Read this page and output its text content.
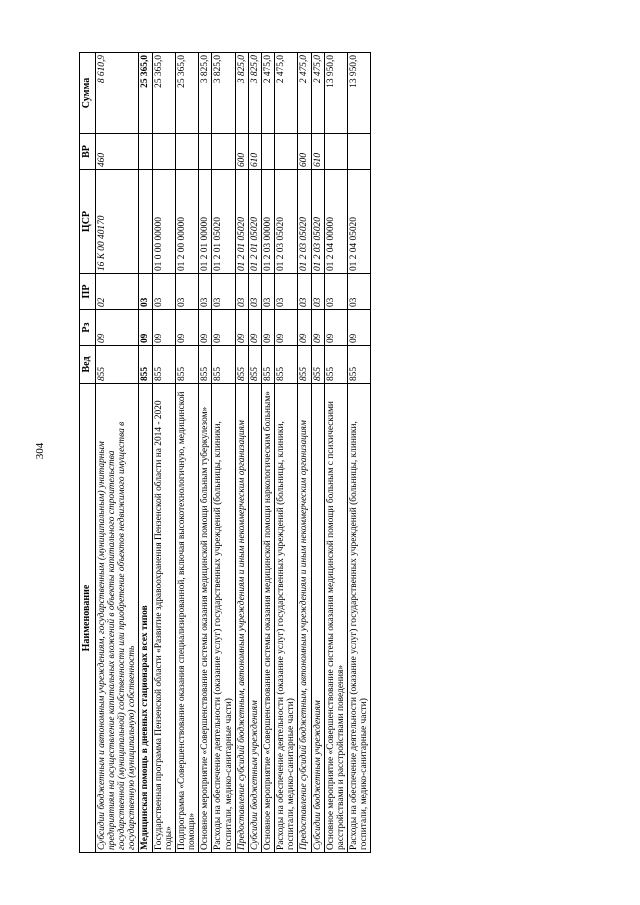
304
Наименование	Вед	Рз	ПР	ЦСР	ВР	Сумма
Субсидии бюджетным и автономным учреждениям, государственным (муниципальным) унитарным предприятиям на осуществление капитальных вложений в объекты капитального строительства государственной (муниципальной) собственности или приобретение объектов недвижимого имущества в государственную (муниципальную) собственность	855	09	02	16 К 00 40170	460	8 610,9
Медицинская помощь в дневных стационарах всех типов	855	09	03			25 365,0
Государственная программа Пензенской области «Развитие здравоохранения Пензенской области на 2014 - 2020 годы»	855	09	03	01 0 00 00000		25 365,0
Подпрограмма «Совершенствование оказания специализированной, включая высокотехнологичную, медицинской помощи»	855	09	03	01 2 00 00000		25 365,0
Основное мероприятие «Совершенствование системы оказания медицинской помощи больным туберкулезом»	855	09	03	01 2 01 00000		3 825,0
Расходы на обеспечение деятельности (оказание услуг) государственных учреждений (больницы, клиники, госпитали, медико-санитарные части)	855	09	03	01 2 01 05020		3 825,0
Предоставление субсидий бюджетным, автономным учреждениям и иным некоммерческим организациям	855	09	03	01 2 01 05020	600	3 825,0
Субсидии бюджетным учреждениям	855	09	03	01 2 01 05020	610	3 825,0
Основное мероприятие «Совершенствование системы оказания медицинской помощи наркологическим больным»	855	09	03	01 2 03 00000		2 475,0
Расходы на обеспечение деятельности (оказание услуг) государственных учреждений (больницы, клиники, госпитали, медико-санитарные части)	855	09	03	01 2 03 05020		2 475,0
Предоставление субсидий бюджетным, автономным учреждениям и иным некоммерческим организациям	855	09	03	01 2 03 05020	600	2 475,0
Субсидии бюджетным учреждениям	855	09	03	01 2 03 05020	610	2 475,0
Основное мероприятие «Совершенствование системы оказания медицинской помощи больным с психическими расстройствами и расстройствами поведения»	855	09	03	01 2 04 00000		13 950,0
Расходы на обеспечение деятельности (оказание услуг) государственных учреждений (больницы, клиники, госпитали, медико-санитарные части)	855	09	03	01 2 04 05020		13 950,0
